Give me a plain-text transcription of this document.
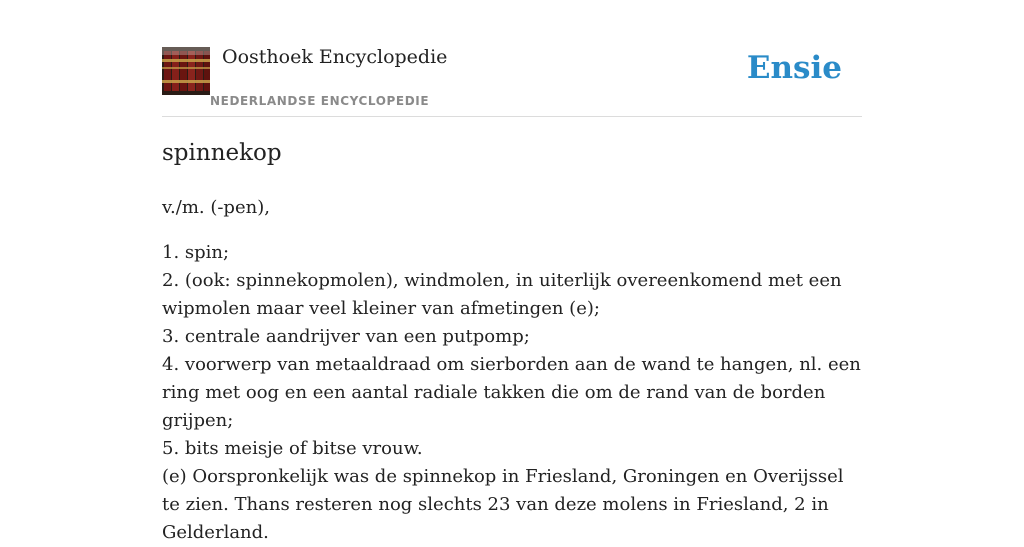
Oosthoek Encyclopedie
NEDERLANDSE ENCYCLOPEDIE
Ensie
spinnekop

v./m. (-pen),

1. spin;
2. (ook: spinnekopmolen), windmolen, in uiterlijk overeenkomend met een wipmolen maar veel kleiner van afmetingen (e);
3. centrale aandrijver van een putpomp;
4. voorwerp van metaaldraad om sierborden aan de wand te hangen, nl. een ring met oog en een aantal radiale takken die om de rand van de borden grijpen;
5. bits meisje of bitse vrouw.

(e) Oorspronkelijk was de spinnekop in Friesland, Groningen en Overijssel te zien. Thans resteren nog slechts 23 van deze molens in Friesland, 2 in Gelderland.
